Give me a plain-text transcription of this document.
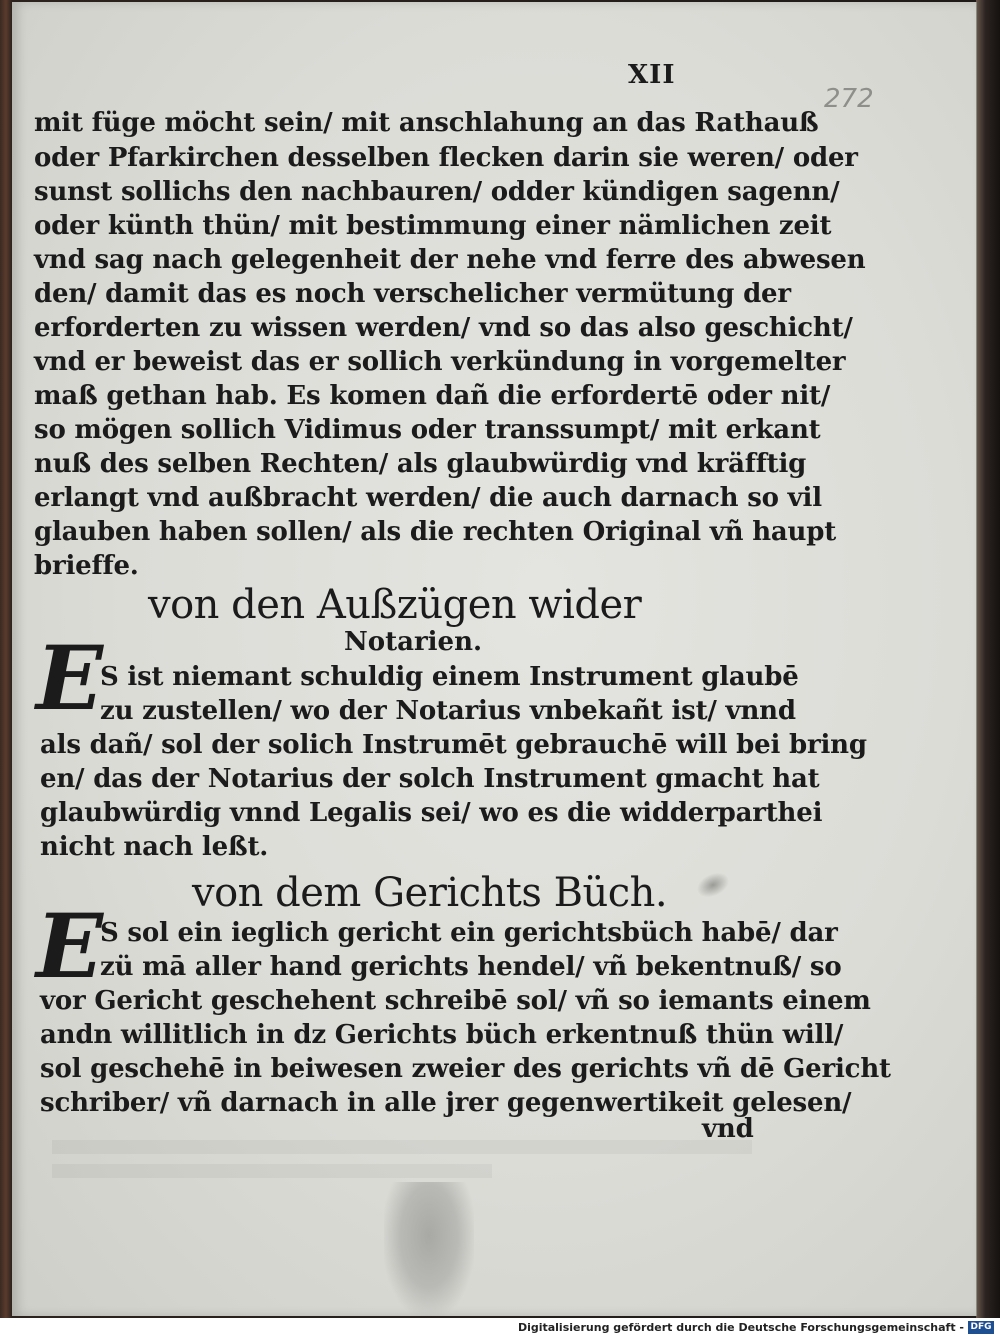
XII
272
mit füge möcht sein/ mit anschlahung an das Rathauß
oder Pfarkirchen desselben flecken darin sie weren/ oder
sunst sollichs den nachbauren/ odder kündigen sagenn/
oder künth thün/ mit bestimmung einer nämlichen zeit
vnd sag nach gelegenheit der nehe vnd ferre des abwesen
den/ damit das es noch verschelicher vermütung der
erforderten zu wissen werden/ vnd so das also geschicht/
vnd er beweist das er sollich verkündung in vorgemelter
maß gethan hab. Es komen dañ die erfordertē oder nit/
so mögen sollich Vidimus oder transsumpt/ mit erkant
nuß des selben Rechten/ als glaubwürdig vnd kräfftig
erlangt vnd außbracht werden/ die auch darnach so vil
glauben haben sollen/ als die rechten Original vñ haupt
brieffe.
von den Außzügen wider
Notarien.
E
S ist niemant schuldig einem Instrument glaubē
zu zustellen/ wo der Notarius vnbekañt ist/ vnnd
als dañ/ sol der solich Instrumēt gebrauchē will bei bring
en/ das der Notarius der solch Instrument gmacht hat
glaubwürdig vnnd Legalis sei/ wo es die widderparthei
nicht nach leßt.
von dem Gerichts Büch.
E
S sol ein ieglich gericht ein gerichtsbüch habē/ dar
zü mā aller hand gerichts hendel/ vñ bekentnuß/ so
vor Gericht geschehent schreibē sol/ vñ so iemants einem
andn willitlich in dz Gerichts büch erkentnuß thün will/
sol geschehē in beiwesen zweier des gerichts vñ dē Gericht
schriber/ vñ darnach in alle jrer gegenwertikeit gelesen/
vnd
Digitalisierung gefördert durch die Deutsche Forschungsgemeinschaft - DFG
